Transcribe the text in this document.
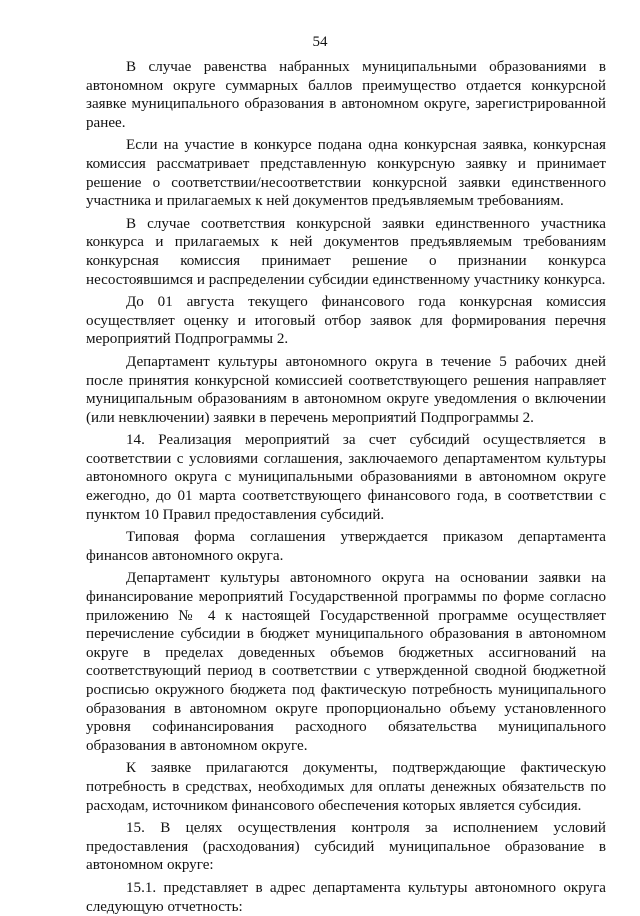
54

В случае равенства набранных муниципальными образованиями в автономном округе суммарных баллов преимущество отдается конкурсной заявке муниципального образования в автономном округе, зарегистрированной ранее.

Если на участие в конкурсе подана одна конкурсная заявка, конкурсная комиссия рассматривает представленную конкурсную заявку и принимает решение о соответствии/несоответствии конкурсной заявки единственного участника и прилагаемых к ней документов предъявляемым требованиям.

В случае соответствия конкурсной заявки единственного участника конкурса и прилагаемых к ней документов предъявляемым требованиям конкурсная комиссия принимает решение о признании конкурса несостоявшимся и распределении субсидии единственному участнику конкурса.

До 01 августа текущего финансового года конкурсная комиссия осуществляет оценку и итоговый отбор заявок для формирования перечня мероприятий Подпрограммы 2.

Департамент культуры автономного округа в течение 5 рабочих дней после принятия конкурсной комиссией соответствующего решения направляет муниципальным образованиям в автономном округе уведомления о включении (или невключении) заявки в перечень мероприятий Подпрограммы 2.

14. Реализация мероприятий за счет субсидий осуществляется в соответствии с условиями соглашения, заключаемого департаментом культуры автономного округа с муниципальными образованиями в автономном округе ежегодно, до 01 марта соответствующего финансового года, в соответствии с пунктом 10 Правил предоставления субсидий.

Типовая форма соглашения утверждается приказом департамента финансов автономного округа.

Департамент культуры автономного округа на основании заявки на финансирование мероприятий Государственной программы по форме согласно приложению № 4 к настоящей Государственной программе осуществляет перечисление субсидии в бюджет муниципального образования в автономном округе в пределах доведенных объемов бюджетных ассигнований на соответствующий период в соответствии с утвержденной сводной бюджетной росписью окружного бюджета под фактическую потребность муниципального образования в автономном округе пропорционально объему установленного уровня софинансирования расходного обязательства муниципального образования в автономном округе.

К заявке прилагаются документы, подтверждающие фактическую потребность в средствах, необходимых для оплаты денежных обязательств по расходам, источником финансового обеспечения которых является субсидия.

15. В целях осуществления контроля за исполнением условий предоставления (расходования) субсидий муниципальное образование в автономном округе:

15.1. представляет в адрес департамента культуры автономного округа следующую отчетность:
